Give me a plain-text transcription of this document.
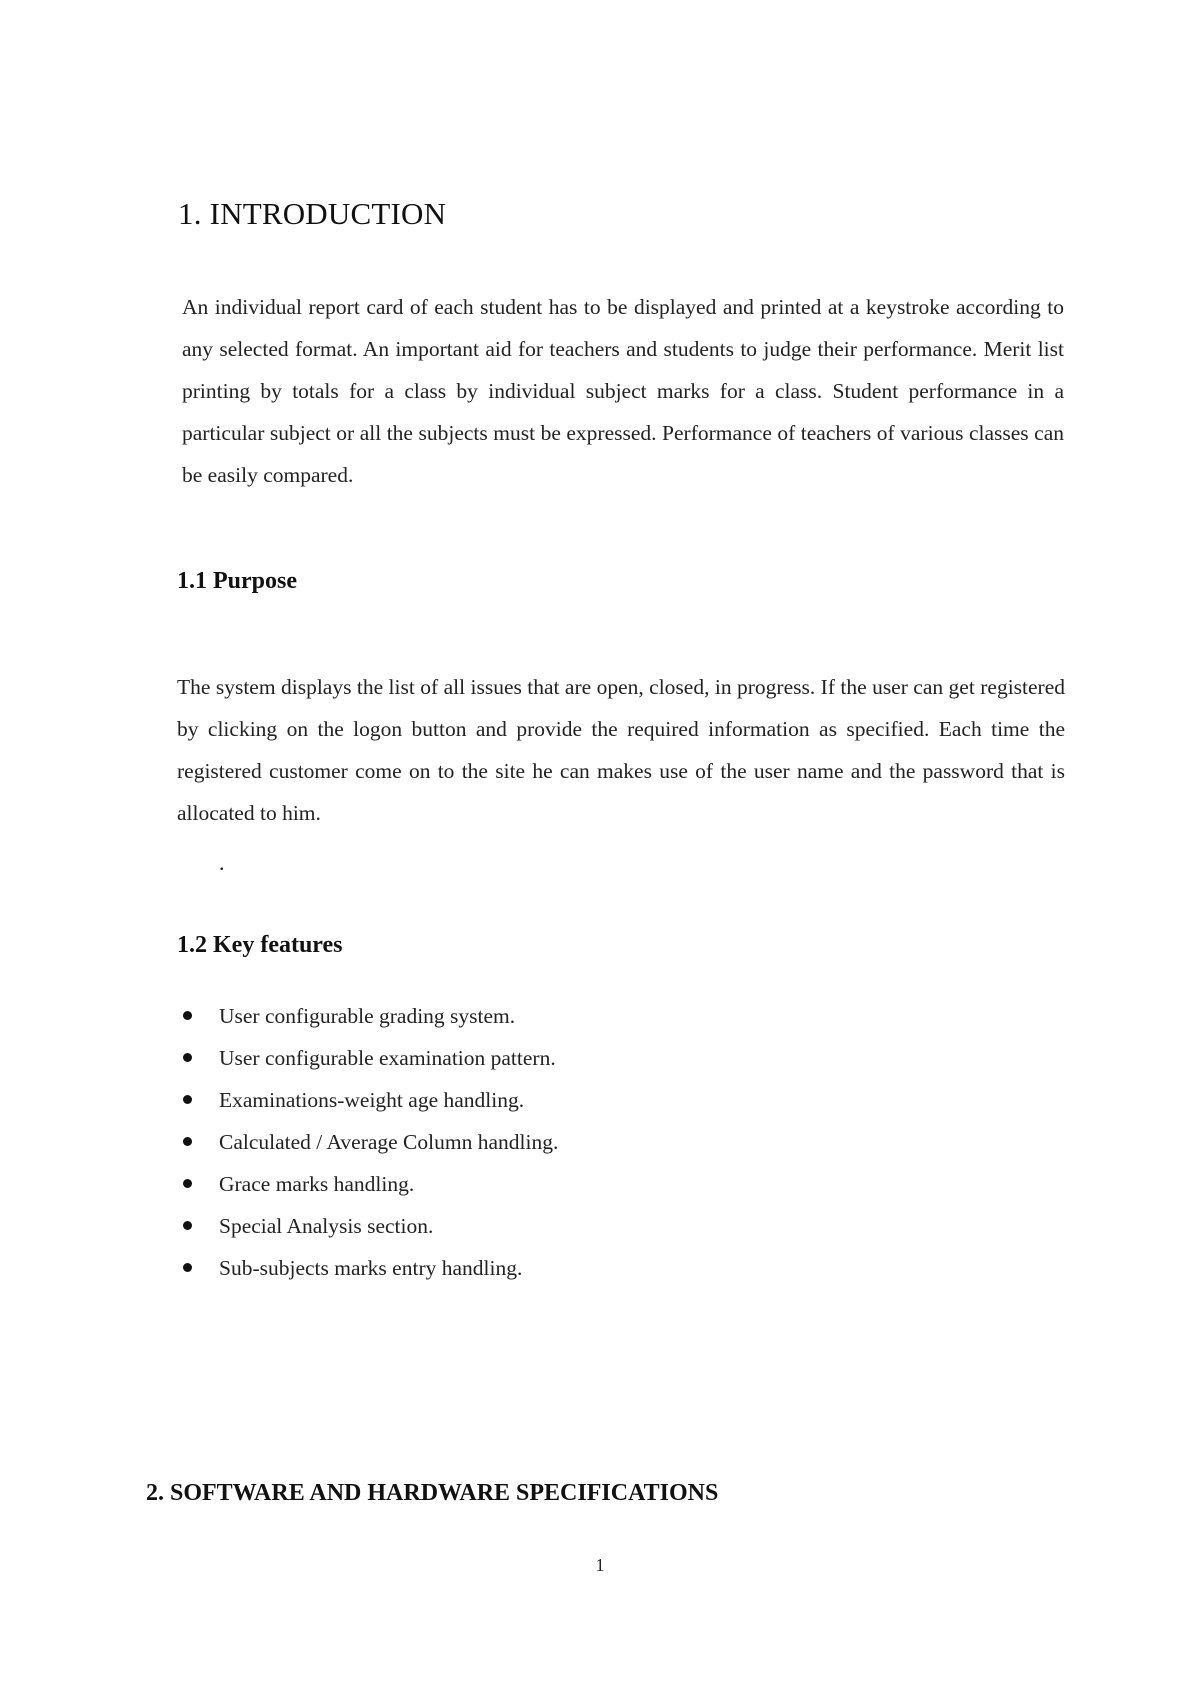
1. INTRODUCTION

An individual report card of each student has to be displayed and printed at a keystroke according to any selected format. An important aid for teachers and students to judge their performance. Merit list printing by totals for a class by individual subject marks for a class. Student performance in a particular subject or all the subjects must be expressed. Performance of teachers of various classes can be easily compared.

1.1 Purpose

The system displays the list of all issues that are open, closed, in progress. If the user can get registered by clicking on the logon button and provide the required information as specified. Each time the registered customer come on to the site he can makes use of the user name and the password that is allocated to him.

.
1.2 Key features
User configurable grading system.
User configurable examination pattern.
Examinations-weight age handling.
Calculated / Average Column handling.
Grace marks handling.
Special Analysis section.
Sub-subjects marks entry handling.
2. SOFTWARE AND HARDWARE SPECIFICATIONS
1
